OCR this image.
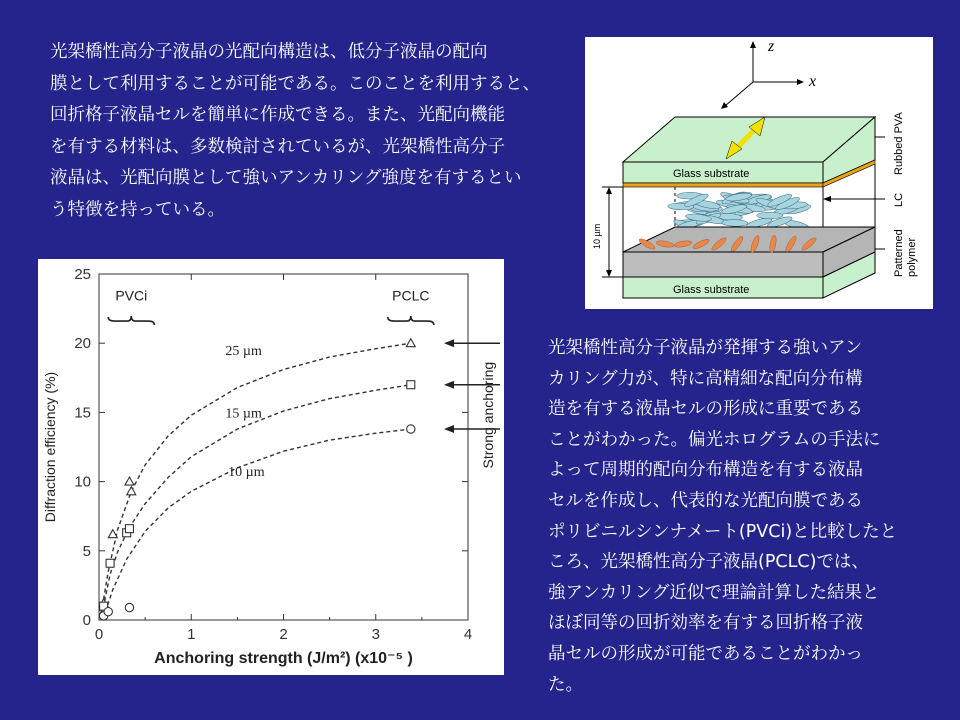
光架橋性高分子液晶の光配向構造は、低分子液晶の配向
膜として利用することが可能である。このことを利用すると、
回折格子液晶セルを簡単に作成できる。また、光配向機能
を有する材料は、多数検討されているが、光架橋性高分子
液晶は、光配向膜として強いアンカリング強度を有するとい
う特徴を持っている。
光架橋性高分子液晶が発揮する強いアン
カリング力が、特に高精細な配向分布構
造を有する液晶セルの形成に重要である
ことがわかった。偏光ホログラムの手法に
よって周期的配向分布構造を有する液晶
セルを作成し、代表的な光配向膜である
ポリビニルシンナメート(PVCi)と比較したと
ころ、光架橋性高分子液晶(PCLC)では、
強アンカリング近似で理論計算した結果と
ほぼ同等の回折効率を有する回折格子液
晶セルの形成が可能であることがわかっ
た。
0	1	2	3	4
0
5
10
15
20
25
Anchoring strength (J/m²) (x10⁻⁵ )
Diffraction efficiency (%)
25 µm
15 µm
10 µm
PVCi	PCLC
Strong anchoring
z
x
Glass substrate
Glass substrate
10 µm
Rubbed PVA
LC
Patternedpolymer
